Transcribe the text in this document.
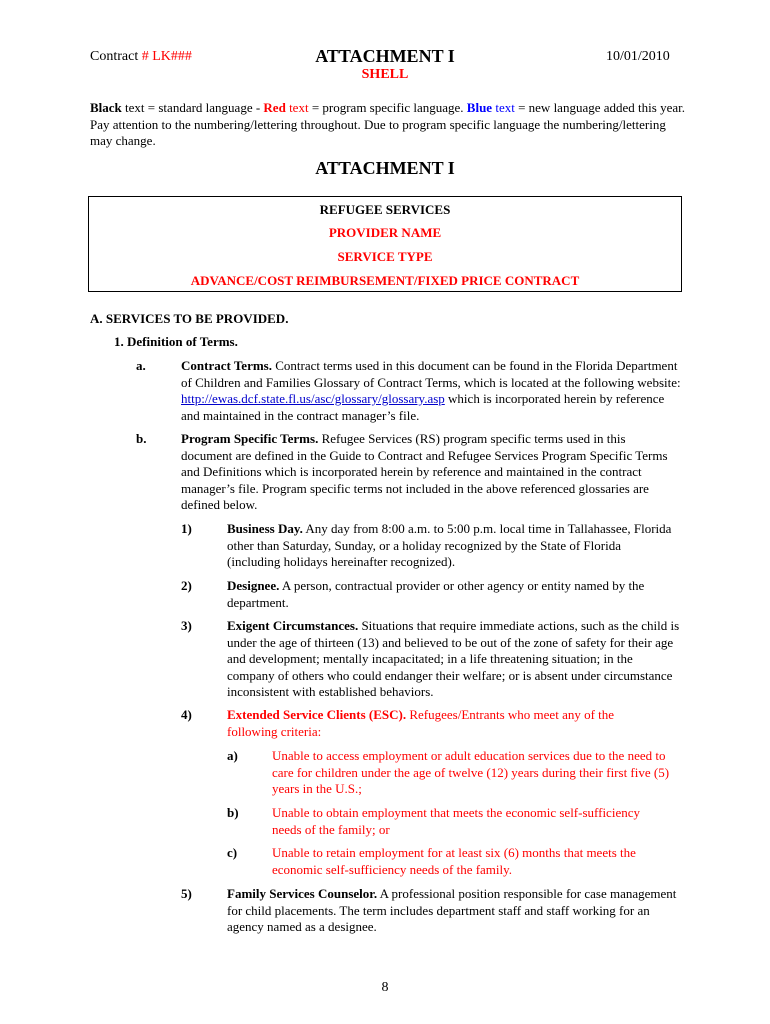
Contract # LK###	ATTACHMENT I	10/01/2010
SHELL
Black text = standard language - Red text = program specific language. Blue text = new language added this year. Pay attention to the numbering/lettering throughout. Due to program specific language the numbering/lettering may change.
ATTACHMENT I
REFUGEE SERVICES
PROVIDER NAME
SERVICE TYPE
ADVANCE/COST REIMBURSEMENT/FIXED PRICE CONTRACT
A. SERVICES TO BE PROVIDED.
1. Definition of Terms.
a.	Contract Terms. Contract terms used in this document can be found in the Florida Department of Children and Families Glossary of Contract Terms, which is located at the following website: http://ewas.dcf.state.fl.us/asc/glossary/glossary.asp which is incorporated herein by reference and maintained in the contract manager’s file.
b.	Program Specific Terms. Refugee Services (RS) program specific terms used in this document are defined in the Guide to Contract and Refugee Services Program Specific Terms and Definitions which is incorporated herein by reference and maintained in the contract manager’s file. Program specific terms not included in the above referenced glossaries are defined below.
1)	Business Day. Any day from 8:00 a.m. to 5:00 p.m. local time in Tallahassee, Florida other than Saturday, Sunday, or a holiday recognized by the State of Florida (including holidays hereinafter recognized).
2)	Designee. A person, contractual provider or other agency or entity named by the department.
3)	Exigent Circumstances. Situations that require immediate actions, such as the child is under the age of thirteen (13) and believed to be out of the zone of safety for their age and development; mentally incapacitated; in a life threatening situation; in the company of others who could endanger their welfare; or is absent under circumstance inconsistent with established behaviors.
4)	Extended Service Clients (ESC). Refugees/Entrants who meet any of the following criteria:
a)	Unable to access employment or adult education services due to the need to care for children under the age of twelve (12) years during their first five (5) years in the U.S.;
b)	Unable to obtain employment that meets the economic self-sufficiency needs of the family; or
c)	Unable to retain employment for at least six (6) months that meets the economic self-sufficiency needs of the family.
5)	Family Services Counselor. A professional position responsible for case management for child placements. The term includes department staff and staff working for an agency named as a designee.
8
